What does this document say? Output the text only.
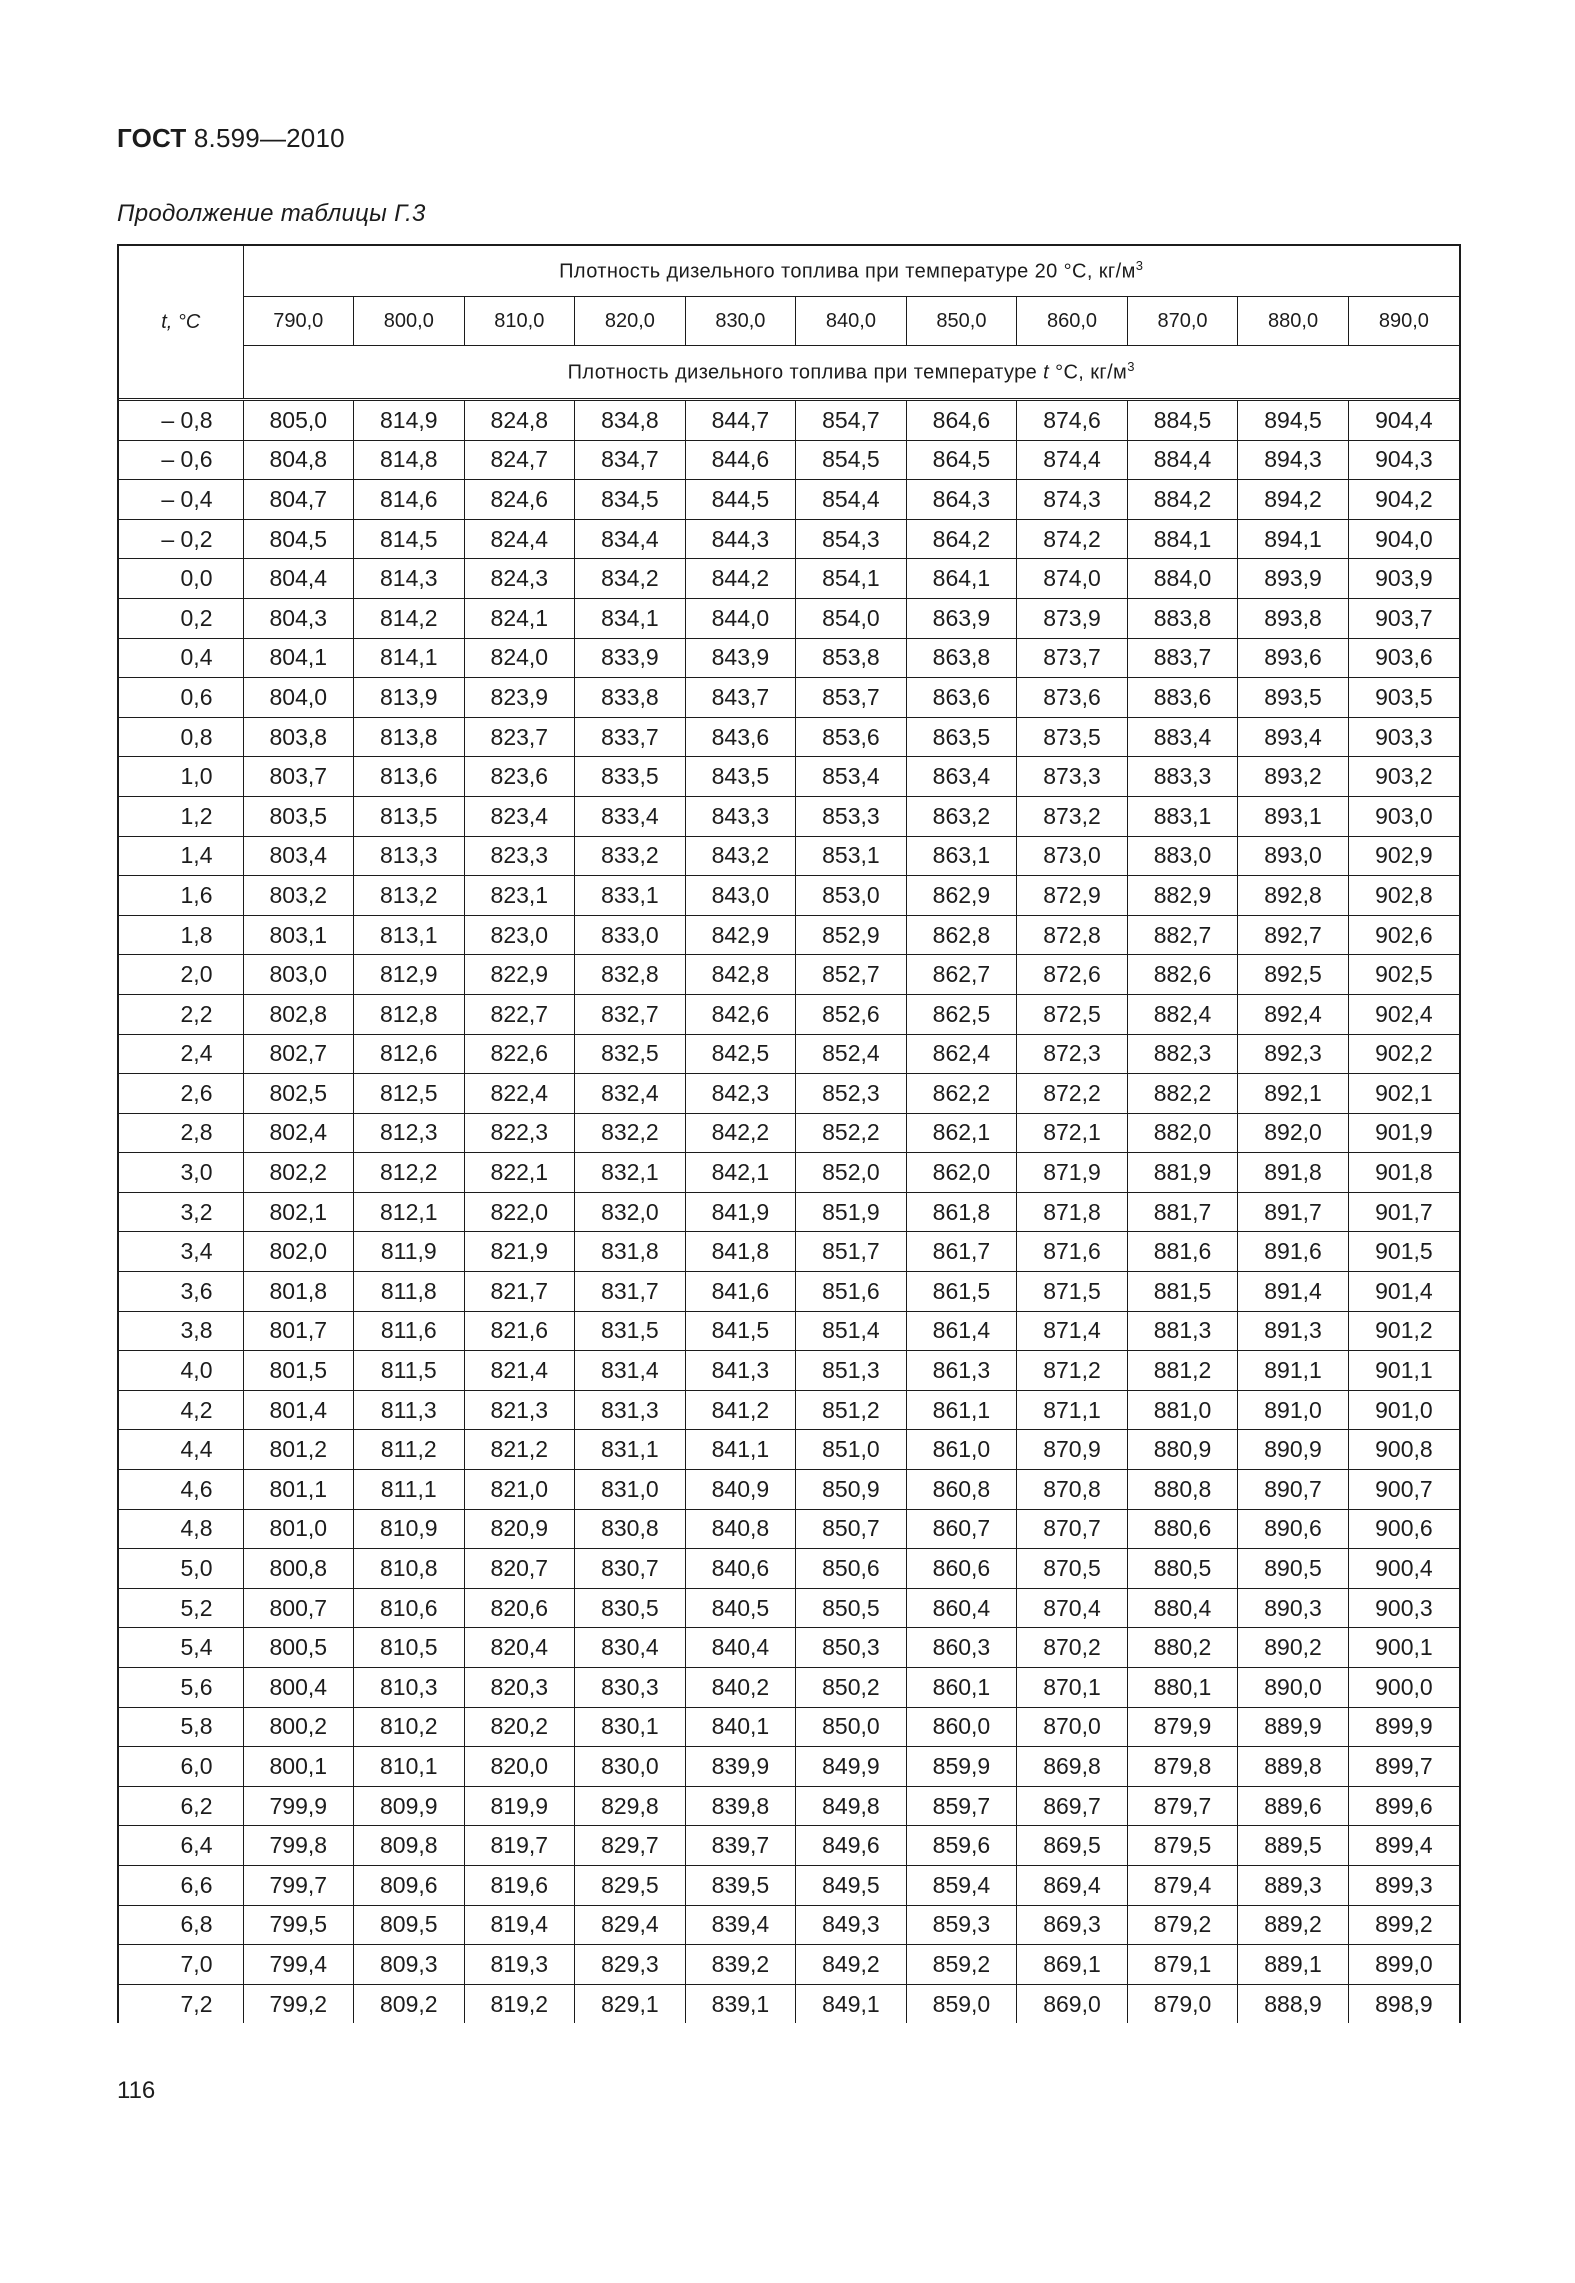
ГОСТ 8.599—2010
Продолжение таблицы Г.3
t, °C	Плотность дизельного топлива при температуре 20 °С, $кг/м^3$
	790,0	800,0	810,0	820,0	830,0	840,0	850,0	860,0	870,0	880,0	890,0
	Плотность дизельного топлива при температуре t °С, $кг/м^3$
– 0,8	805,0	814,9	824,8	834,8	844,7	854,7	864,6	874,6	884,5	894,5	904,4
– 0,6	804,8	814,8	824,7	834,7	844,6	854,5	864,5	874,4	884,4	894,3	904,3
– 0,4	804,7	814,6	824,6	834,5	844,5	854,4	864,3	874,3	884,2	894,2	904,2
– 0,2	804,5	814,5	824,4	834,4	844,3	854,3	864,2	874,2	884,1	894,1	904,0
0,0	804,4	814,3	824,3	834,2	844,2	854,1	864,1	874,0	884,0	893,9	903,9
0,2	804,3	814,2	824,1	834,1	844,0	854,0	863,9	873,9	883,8	893,8	903,7
0,4	804,1	814,1	824,0	833,9	843,9	853,8	863,8	873,7	883,7	893,6	903,6
0,6	804,0	813,9	823,9	833,8	843,7	853,7	863,6	873,6	883,6	893,5	903,5
0,8	803,8	813,8	823,7	833,7	843,6	853,6	863,5	873,5	883,4	893,4	903,3
1,0	803,7	813,6	823,6	833,5	843,5	853,4	863,4	873,3	883,3	893,2	903,2
1,2	803,5	813,5	823,4	833,4	843,3	853,3	863,2	873,2	883,1	893,1	903,0
1,4	803,4	813,3	823,3	833,2	843,2	853,1	863,1	873,0	883,0	893,0	902,9
1,6	803,2	813,2	823,1	833,1	843,0	853,0	862,9	872,9	882,9	892,8	902,8
1,8	803,1	813,1	823,0	833,0	842,9	852,9	862,8	872,8	882,7	892,7	902,6
2,0	803,0	812,9	822,9	832,8	842,8	852,7	862,7	872,6	882,6	892,5	902,5
2,2	802,8	812,8	822,7	832,7	842,6	852,6	862,5	872,5	882,4	892,4	902,4
2,4	802,7	812,6	822,6	832,5	842,5	852,4	862,4	872,3	882,3	892,3	902,2
2,6	802,5	812,5	822,4	832,4	842,3	852,3	862,2	872,2	882,2	892,1	902,1
2,8	802,4	812,3	822,3	832,2	842,2	852,2	862,1	872,1	882,0	892,0	901,9
3,0	802,2	812,2	822,1	832,1	842,1	852,0	862,0	871,9	881,9	891,8	901,8
3,2	802,1	812,1	822,0	832,0	841,9	851,9	861,8	871,8	881,7	891,7	901,7
3,4	802,0	811,9	821,9	831,8	841,8	851,7	861,7	871,6	881,6	891,6	901,5
3,6	801,8	811,8	821,7	831,7	841,6	851,6	861,5	871,5	881,5	891,4	901,4
3,8	801,7	811,6	821,6	831,5	841,5	851,4	861,4	871,4	881,3	891,3	901,2
4,0	801,5	811,5	821,4	831,4	841,3	851,3	861,3	871,2	881,2	891,1	901,1
4,2	801,4	811,3	821,3	831,3	841,2	851,2	861,1	871,1	881,0	891,0	901,0
4,4	801,2	811,2	821,2	831,1	841,1	851,0	861,0	870,9	880,9	890,9	900,8
4,6	801,1	811,1	821,0	831,0	840,9	850,9	860,8	870,8	880,8	890,7	900,7
4,8	801,0	810,9	820,9	830,8	840,8	850,7	860,7	870,7	880,6	890,6	900,6
5,0	800,8	810,8	820,7	830,7	840,6	850,6	860,6	870,5	880,5	890,5	900,4
5,2	800,7	810,6	820,6	830,5	840,5	850,5	860,4	870,4	880,4	890,3	900,3
5,4	800,5	810,5	820,4	830,4	840,4	850,3	860,3	870,2	880,2	890,2	900,1
5,6	800,4	810,3	820,3	830,3	840,2	850,2	860,1	870,1	880,1	890,0	900,0
5,8	800,2	810,2	820,2	830,1	840,1	850,0	860,0	870,0	879,9	889,9	899,9
6,0	800,1	810,1	820,0	830,0	839,9	849,9	859,9	869,8	879,8	889,8	899,7
6,2	799,9	809,9	819,9	829,8	839,8	849,8	859,7	869,7	879,7	889,6	899,6
6,4	799,8	809,8	819,7	829,7	839,7	849,6	859,6	869,5	879,5	889,5	899,4
6,6	799,7	809,6	819,6	829,5	839,5	849,5	859,4	869,4	879,4	889,3	899,3
6,8	799,5	809,5	819,4	829,4	839,4	849,3	859,3	869,3	879,2	889,2	899,2
7,0	799,4	809,3	819,3	829,3	839,2	849,2	859,2	869,1	879,1	889,1	899,0
7,2	799,2	809,2	819,2	829,1	839,1	849,1	859,0	869,0	879,0	888,9	898,9
116
